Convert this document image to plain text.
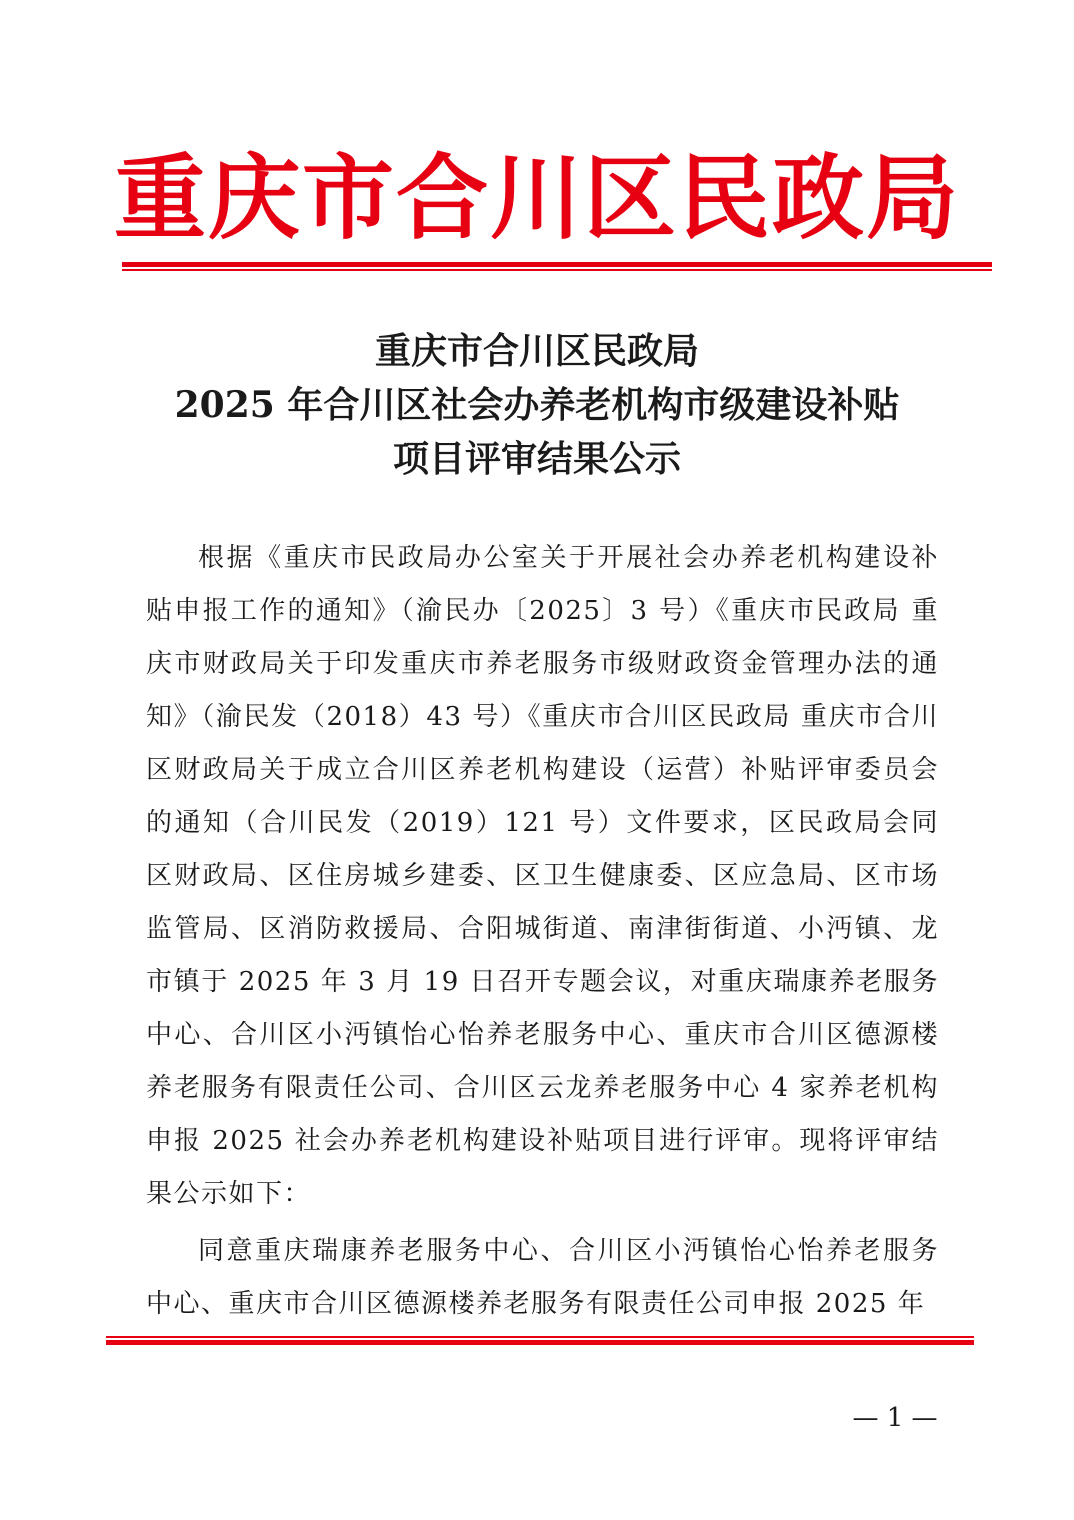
重庆市合川区民政局
重庆市合川区民政局
2025 年合川区社会办养老机构市级建设补贴
项目评审结果公示

根据《重庆市民政局办公室关于开展社会办养老机构建设补贴申报工作的通知》（渝民办〔2025〕3 号）《重庆市民政局 重庆市财政局关于印发重庆市养老服务市级财政资金管理办法的通知》（渝民发（2018）43 号）《重庆市合川区民政局 重庆市合川区财政局关于成立合川区养老机构建设（运营）补贴评审委员会的通知（合川民发（2019）121 号）文件要求，区民政局会同区财政局、区住房城乡建委、区卫生健康委、区应急局、区市场监管局、区消防救援局、合阳城街道、南津街街道、小沔镇、龙市镇于 2025 年 3 月 19 日召开专题会议，对重庆瑞康养老服务中心、合川区小沔镇怡心怡养老服务中心、重庆市合川区德源楼养老服务有限责任公司、合川区云龙养老服务中心 4 家养老机构申报 2025 社会办养老机构建设补贴项目进行评审。现将评审结果公示如下：

同意重庆瑞康养老服务中心、合川区小沔镇怡心怡养老服务中心、重庆市合川区德源楼养老服务有限责任公司申报 2025 年

— 1 —
